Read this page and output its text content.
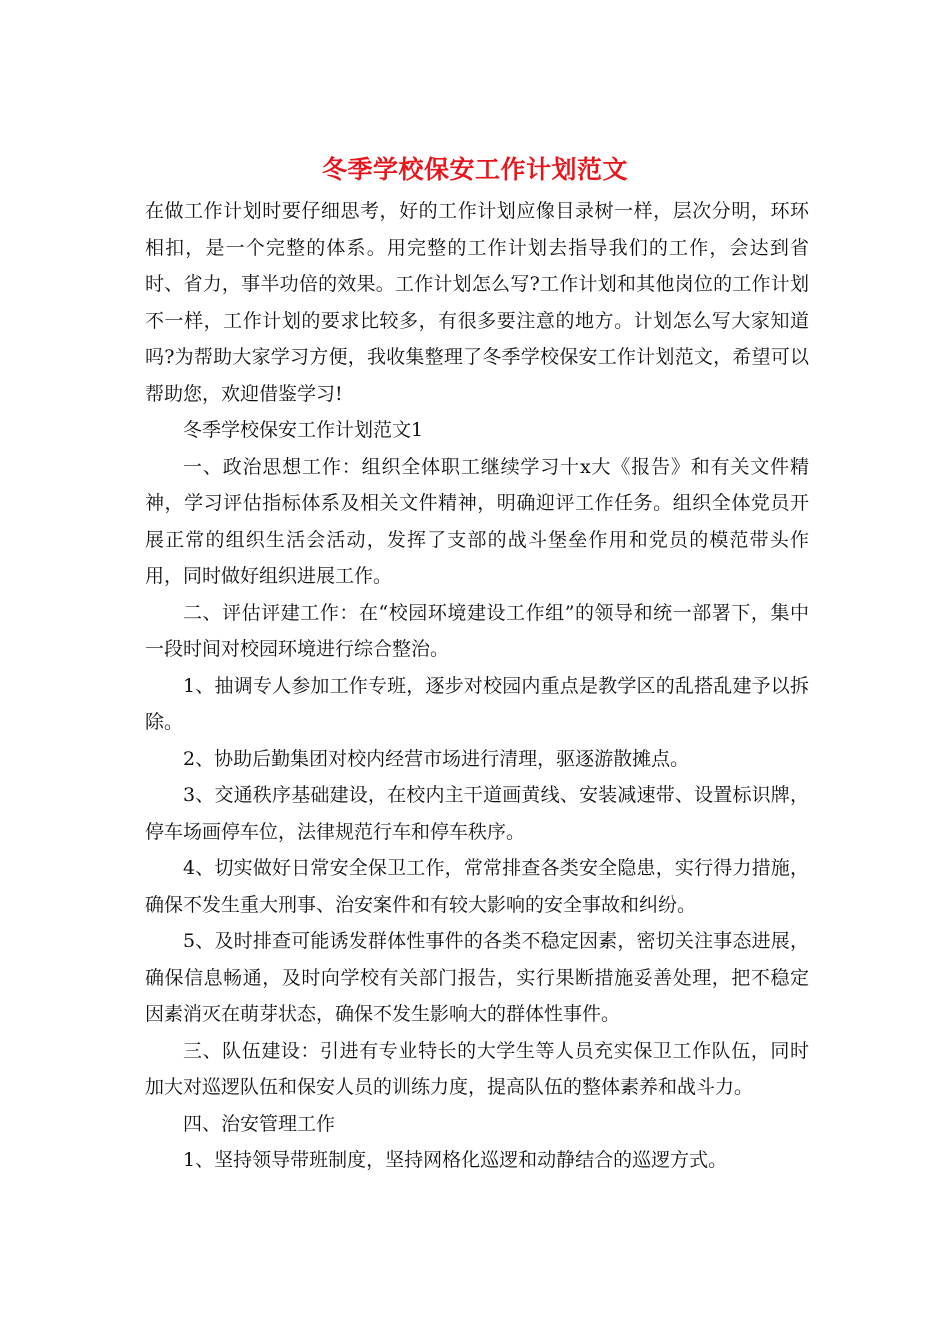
冬季学校保安工作计划范文

在做工作计划时要仔细思考，好的工作计划应像目录树一样，层次分明，环环相扣，是一个完整的体系。用完整的工作计划去指导我们的工作，会达到省时、省力，事半功倍的效果。工作计划怎么写?工作计划和其他岗位的工作计划不一样，工作计划的要求比较多，有很多要注意的地方。计划怎么写大家知道吗?为帮助大家学习方便，我收集整理了冬季学校保安工作计划范文，希望可以帮助您，欢迎借鉴学习!

冬季学校保安工作计划范文1

一、政治思想工作：组织全体职工继续学习十x大《报告》和有关文件精神，学习评估指标体系及相关文件精神，明确迎评工作任务。组织全体党员开展正常的组织生活会活动，发挥了支部的战斗堡垒作用和党员的模范带头作用，同时做好组织进展工作。

二、评估评建工作：在“校园环境建设工作组”的领导和统一部署下，集中一段时间对校园环境进行综合整治。

1、抽调专人参加工作专班，逐步对校园内重点是教学区的乱搭乱建予以拆除。

2、协助后勤集团对校内经营市场进行清理，驱逐游散摊点。

3、交通秩序基础建设，在校内主干道画黄线、安装减速带、设置标识牌，停车场画停车位，法律规范行车和停车秩序。

4、切实做好日常安全保卫工作，常常排查各类安全隐患，实行得力措施，确保不发生重大刑事、治安案件和有较大影响的安全事故和纠纷。

5、及时排查可能诱发群体性事件的各类不稳定因素，密切关注事态进展，确保信息畅通，及时向学校有关部门报告，实行果断措施妥善处理，把不稳定因素消灭在萌芽状态，确保不发生影响大的群体性事件。

三、队伍建设：引进有专业特长的大学生等人员充实保卫工作队伍，同时加大对巡逻队伍和保安人员的训练力度，提高队伍的整体素养和战斗力。

四、治安管理工作

1、坚持领导带班制度，坚持网格化巡逻和动静结合的巡逻方式。
